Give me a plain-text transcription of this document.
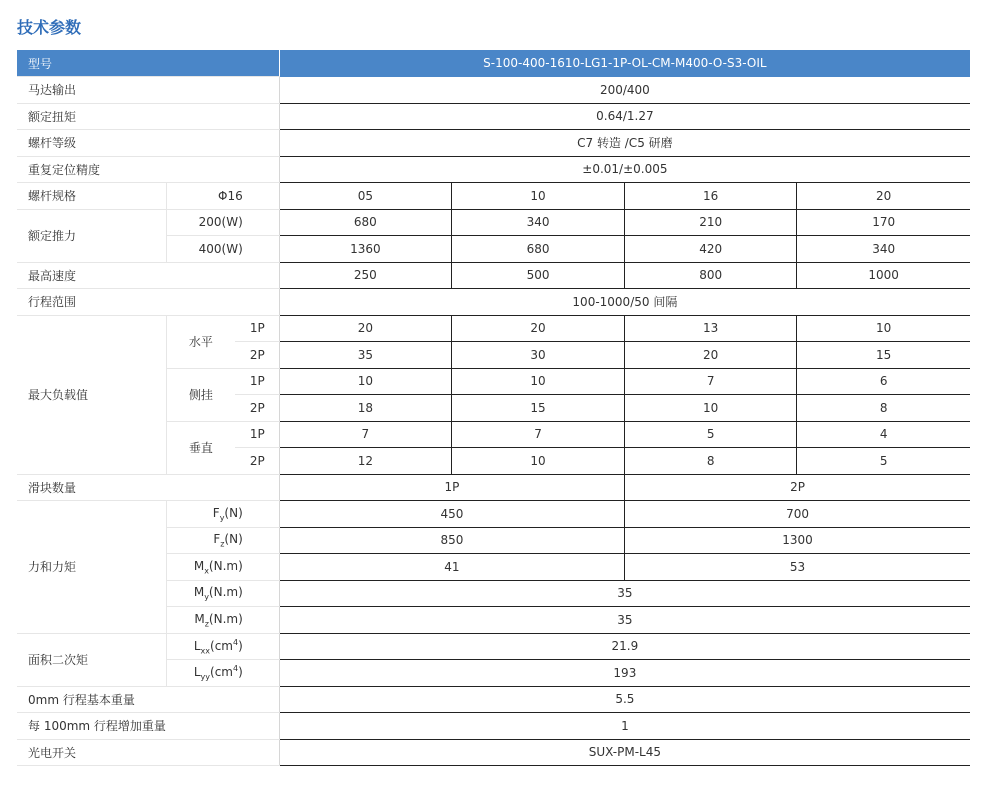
技术参数
型号			S-100-400-1610-LG1-1P-OL-CM-M400-O-S3-OIL			
马达输出			200/400			
额定扭矩			0.64/1.27			
螺杆等级			C7 转造 /C5 研磨			
重复定位精度			±0.01/±0.005			
螺杆规格	Φ16		05	10	16	20
额定推力	200(W)		680	340	210	170
	400(W)		1360	680	420	340
最高速度			250	500	800	1000
行程范围			100-1000/50 间隔			
最大负载值	水平	1P	20	20	13	10
		2P	35	30	20	15
	侧挂	1P	10	10	7	6
		2P	18	15	10	8
	垂直	1P	7	7	5	4
		2P	12	10	8	5
滑块数量			1P		2P	
力和力矩	$F_y(N)$		450		700	
	$F_z(N)$		850		1300	
	$M_x(N.m)$		41		53	
	$M_y(N.m)$		35			
	$M_z(N.m)$		35			
面积二次矩	$L_{xx}(cm^4)$		21.9			
	$L_{yy}(cm^4)$		193			
0mm 行程基本重量			5.5			
每 100mm 行程增加重量			1			
光电开关			SUX-PM-L45			
